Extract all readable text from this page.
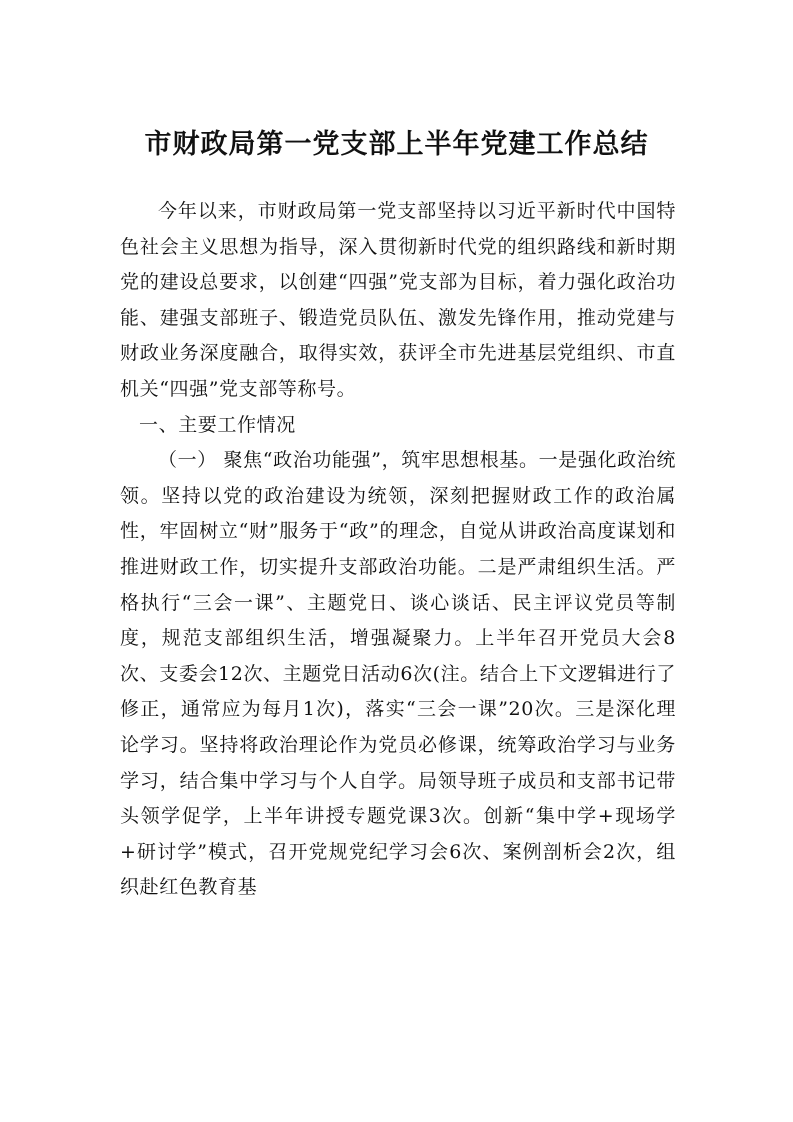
市财政局第一党支部上半年党建工作总结

今年以来，市财政局第一党支部坚持以习近平新时代中国特色社会主义思想为指导，深入贯彻新时代党的组织路线和新时期党的建设总要求，以创建“四强”党支部为目标，着力强化政治功能、建强支部班子、锻造党员队伍、激发先锋作用，推动党建与财政业务深度融合，取得实效，获评全市先进基层党组织、市直机关“四强”党支部等称号。

一、主要工作情况

（一） 聚焦“政治功能强”，筑牢思想根基。一是强化政治统领。坚持以党的政治建设为统领，深刻把握财政工作的政治属性，牢固树立“财”服务于“政”的理念，自觉从讲政治高度谋划和推进财政工作，切实提升支部政治功能。二是严肃组织生活。严格执行“三会一课”、主题党日、谈心谈话、民主评议党员等制度，规范支部组织生活，增强凝聚力。上半年召开党员大会8次、支委会12次、主题党日活动6次(注。结合上下文逻辑进行了修正，通常应为每月1次)，落实“三会一课”20次。三是深化理论学习。坚持将政治理论作为党员必修课，统筹政治学习与业务学习，结合集中学习与个人自学。局领导班子成员和支部书记带头领学促学，上半年讲授专题党课3次。创新“集中学+现场学+研讨学”模式，召开党规党纪学习会6次、案例剖析会2次，组织赴红色教育基
